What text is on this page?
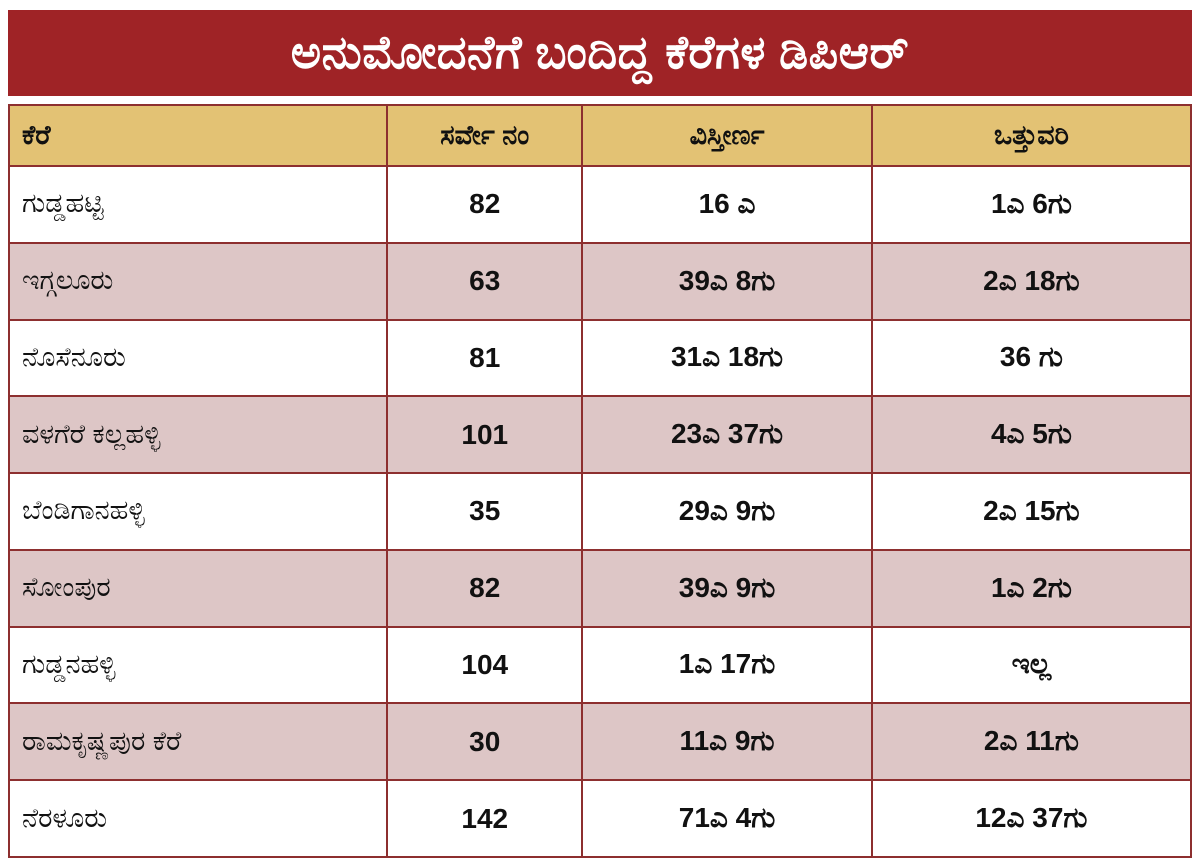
ಅನುಮೋದನೆಗೆ ಬಂದಿದ್ದ ಕೆರೆಗಳ ಡಿಪಿಆರ್
ಕೆರೆ	ಸರ್ವೇ ನಂ	ವಿಸ್ತೀರ್ಣ	ಒತ್ತುವರಿ
ಗುಡ್ಡಹಟ್ಟಿ	82	16 ಎ	1ಎ 6ಗು
ಇಗ್ಗಲೂರು	63	39ಎ 8ಗು	2ಎ 18ಗು
ನೊಸೆನೂರು	81	31ಎ 18ಗು	36 ಗು
ವಳಗೆರೆ ಕಲ್ಲಹಳ್ಳಿ	101	23ಎ 37ಗು	4ಎ 5ಗು
ಬೆಂಡಿಗಾನಹಳ್ಳಿ	35	29ಎ 9ಗು	2ಎ 15ಗು
ಸೋಂಪುರ	82	39ಎ 9ಗು	1ಎ 2ಗು
ಗುಡ್ಡನಹಳ್ಳಿ	104	1ಎ 17ಗು	ಇಲ್ಲ
ರಾಮಕೃಷ್ಣಪುರ ಕೆರೆ	30	11ಎ 9ಗು	2ಎ 11ಗು
ನೆರಳೂರು	142	71ಎ 4ಗು	12ಎ 37ಗು
